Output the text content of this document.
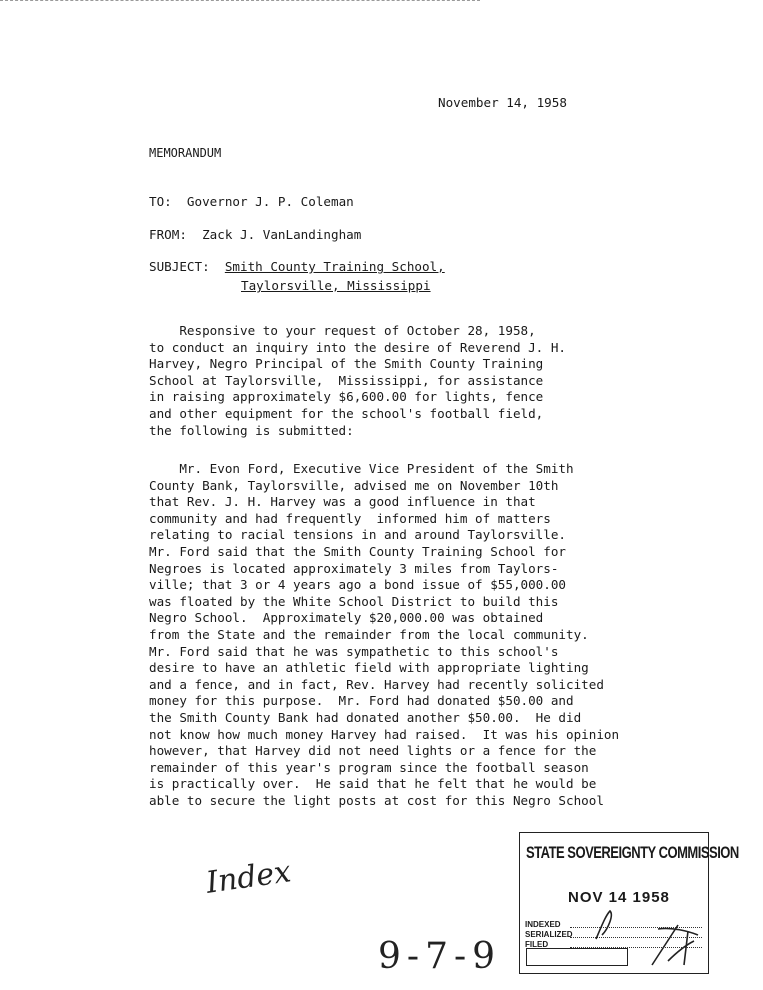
November 14, 1958
MEMORANDUM
TO: Governor J. P. Coleman
FROM: Zack J. VanLandingham
SUBJECT: Smith County Training School,
Taylorsville, Mississippi
Responsive to your request of October 28, 1958,
to conduct an inquiry into the desire of Reverend J. H.
Harvey, Negro Principal of the Smith County Training
School at Taylorsville,  Mississippi, for assistance
in raising approximately $6,600.00 for lights, fence
and other equipment for the school's football field,
the following is submitted:
Mr. Evon Ford, Executive Vice President of the Smith
County Bank, Taylorsville, advised me on November 10th
that Rev. J. H. Harvey was a good influence in that
community and had frequently  informed him of matters
relating to racial tensions in and around Taylorsville.
Mr. Ford said that the Smith County Training School for
Negroes is located approximately 3 miles from Taylors-
ville; that 3 or 4 years ago a bond issue of $55,000.00
was floated by the White School District to build this
Negro School.  Approximately $20,000.00 was obtained
from the State and the remainder from the local community.
Mr. Ford said that he was sympathetic to this school's
desire to have an athletic field with appropriate lighting
and a fence, and in fact, Rev. Harvey had recently solicited
money for this purpose.  Mr. Ford had donated $50.00 and
the Smith County Bank had donated another $50.00.  He did
not know how much money Harvey had raised.  It was his opinion
however, that Harvey did not need lights or a fence for the
remainder of this year's program since the football season
is practically over.  He said that he felt that he would be
able to secure the light posts at cost for this Negro School
Index
9-7-9
STATE SOVEREIGNTY COMMISSION
NOV 14 1958
INDEXED
SERIALIZED
FILED
